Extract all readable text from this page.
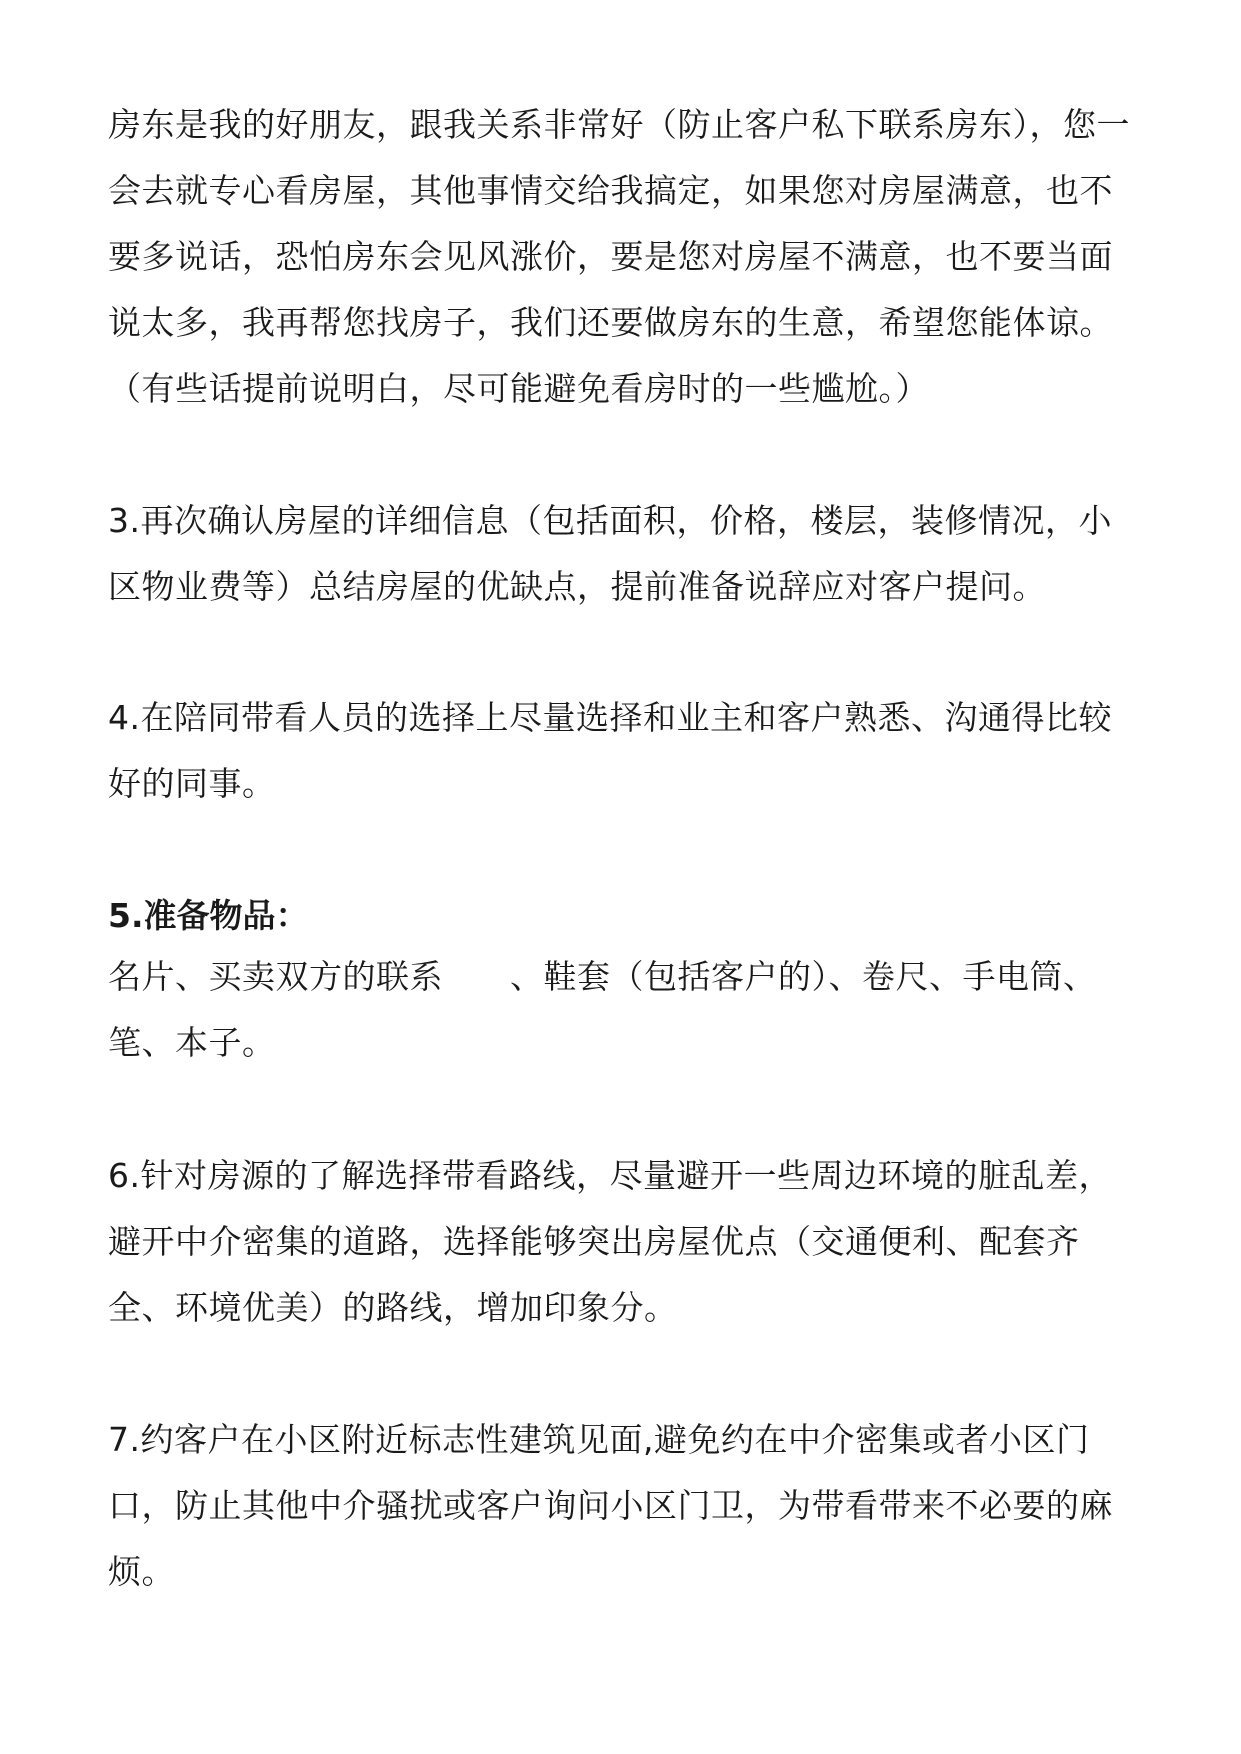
房东是我的好朋友，跟我关系非常好（防止客户私下联系房东），您一会去就专心看房屋，其他事情交给我搞定，如果您对房屋满意，也不要多说话，恐怕房东会见风涨价，要是您对房屋不满意，也不要当面说太多，我再帮您找房子，我们还要做房东的生意，希望您能体谅。（有些话提前说明白，尽可能避免看房时的一些尴尬。）

3.再次确认房屋的详细信息（包括面积，价格，楼层，装修情况，小区物业费等）总结房屋的优缺点，提前准备说辞应对客户提问。

4.在陪同带看人员的选择上尽量选择和业主和客户熟悉、沟通得比较好的同事。

5.准备物品：

名片、买卖双方的联系　　、鞋套（包括客户的）、卷尺、手电筒、笔、本子。

6.针对房源的了解选择带看路线，尽量避开一些周边环境的脏乱差，避开中介密集的道路，选择能够突出房屋优点（交通便利、配套齐全、环境优美）的路线，增加印象分。

7.约客户在小区附近标志性建筑见面,避免约在中介密集或者小区门口，防止其他中介骚扰或客户询问小区门卫，为带看带来不必要的麻烦。
